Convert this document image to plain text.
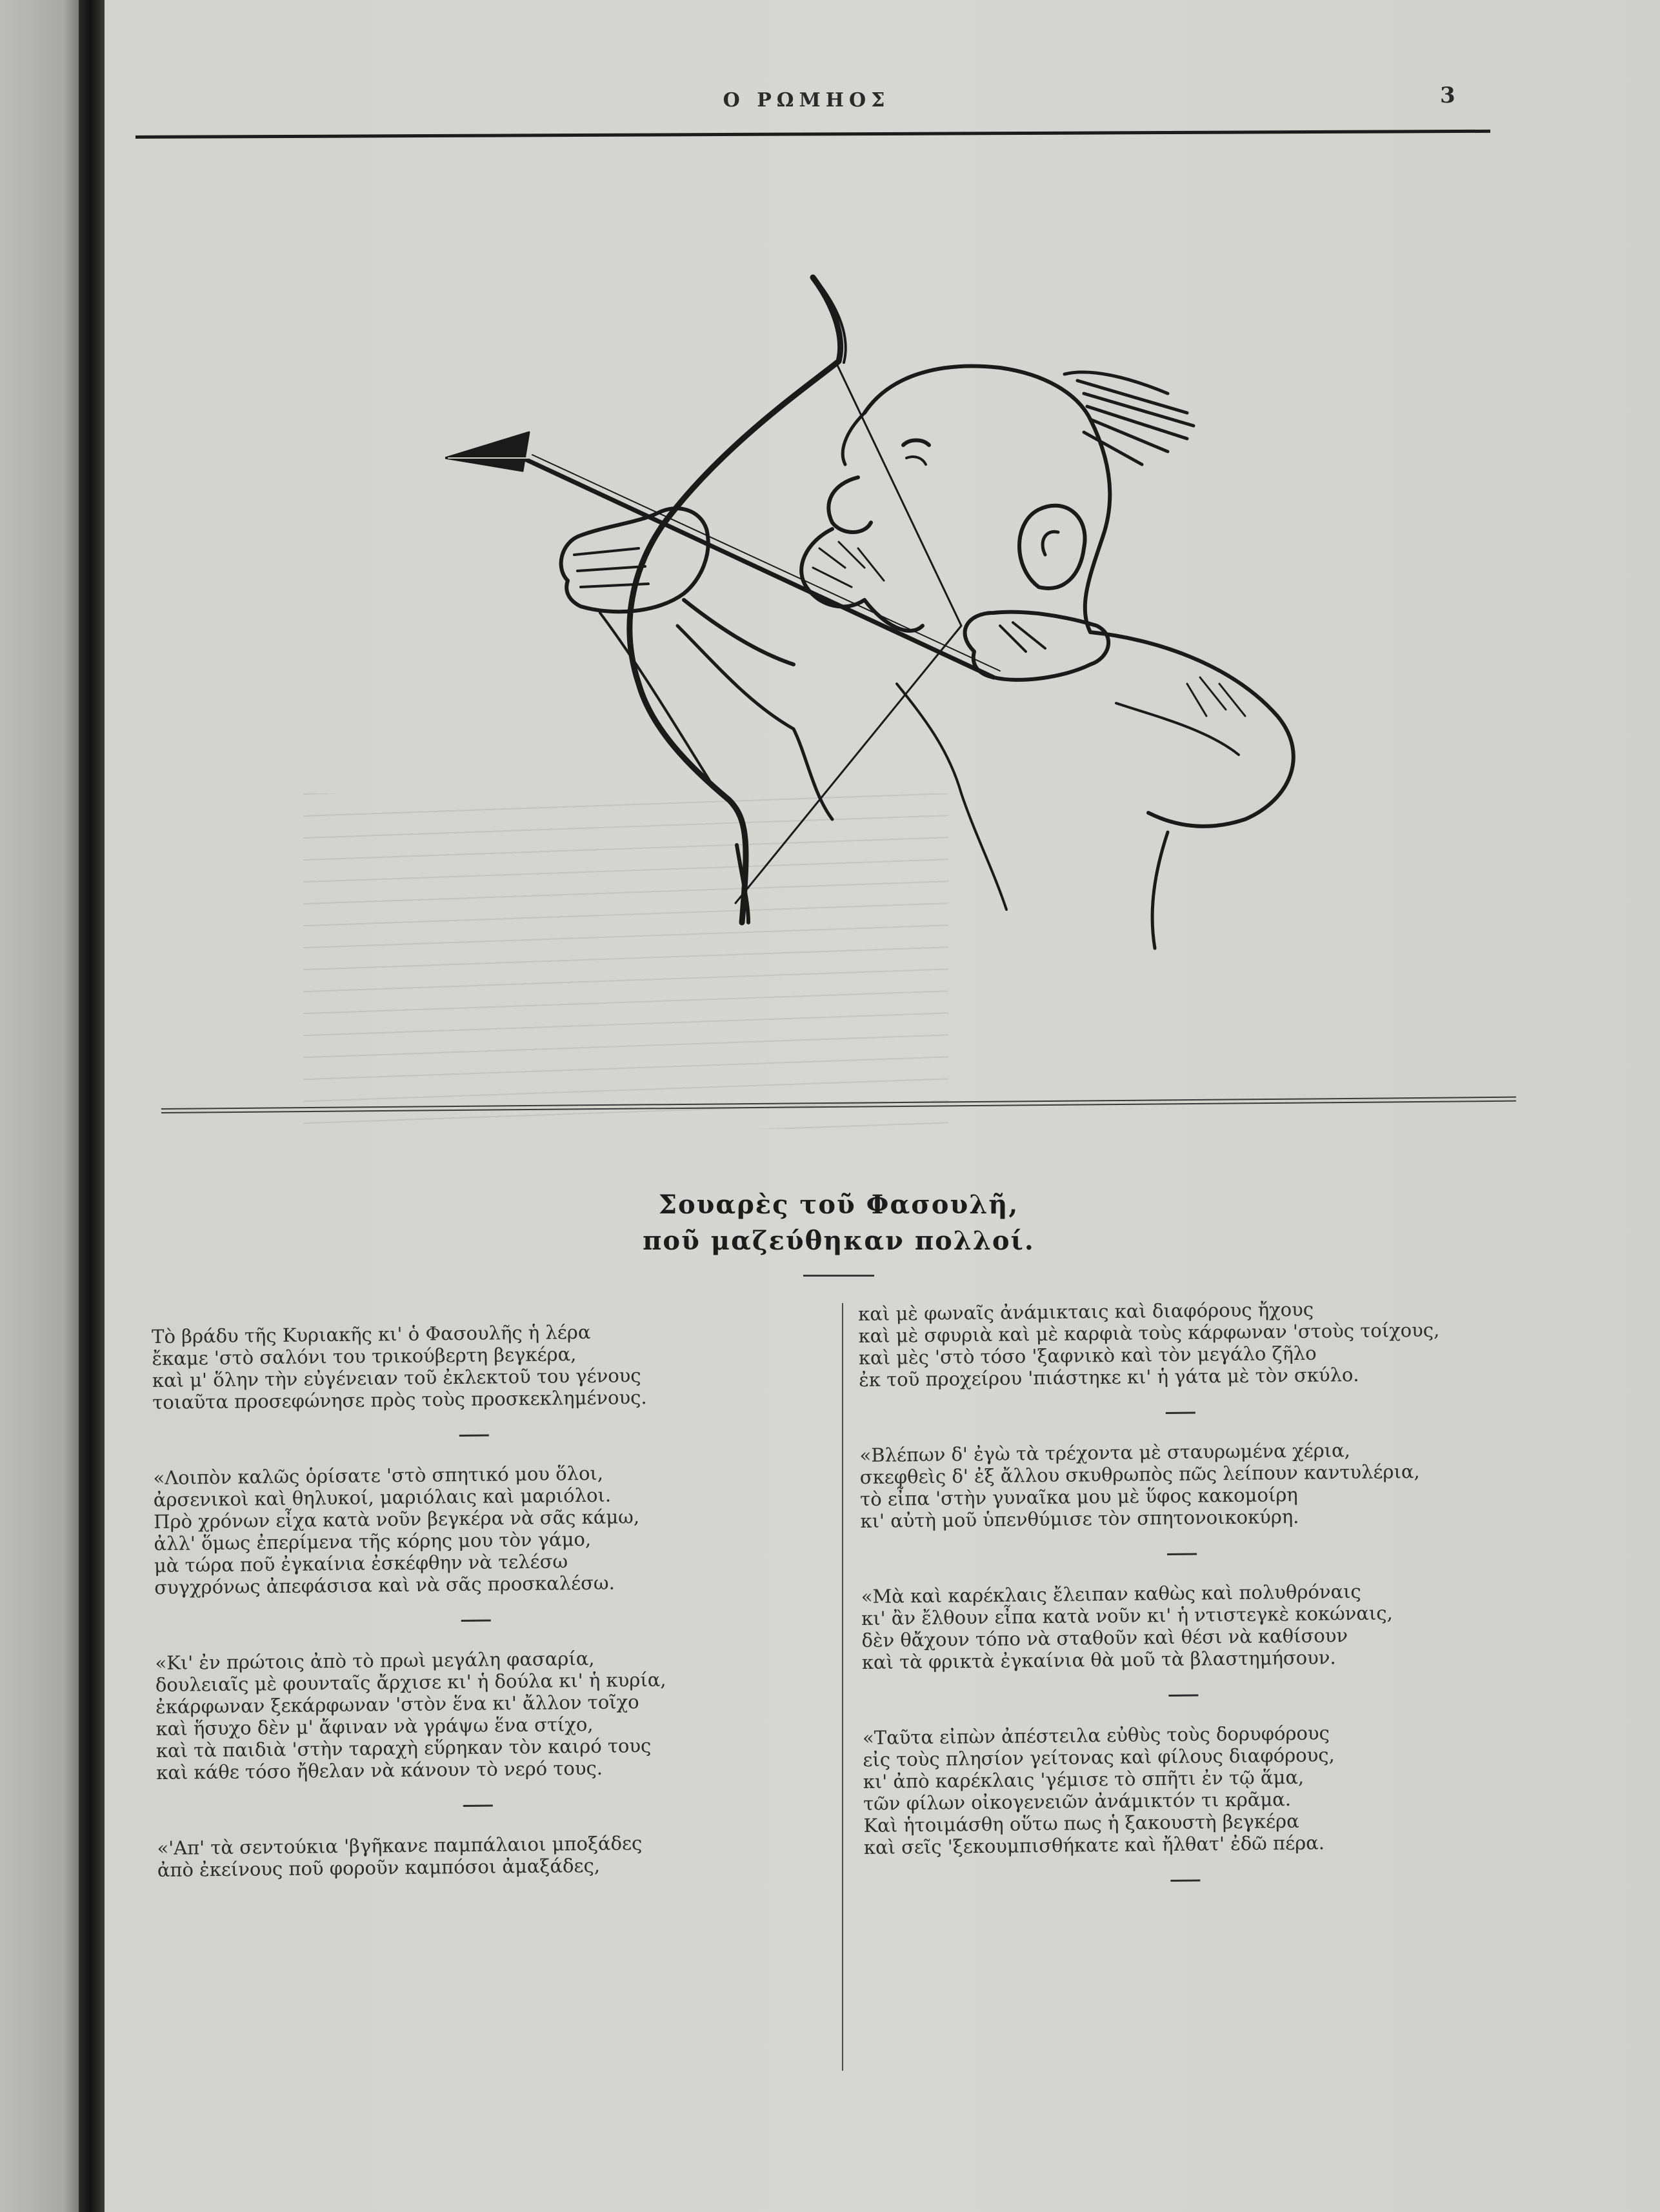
Ο ΡΩΜΗΟΣ	3
Σουαρὲς τοῦ Φασουλῆ,
ποῦ μαζεύθηκαν πολλοί.
Τὸ βράδυ τῆς Κυριακῆς κι' ὁ Φασουλῆς ἡ λέρα
ἔκαμε 'στὸ σαλόνι του τρικούβερτη βεγκέρα,
καὶ μ' ὅλην τὴν εὐγένειαν τοῦ ἐκλεκτοῦ του γένους
τοιαῦτα προσεφώνησε πρὸς τοὺς προσκεκλημένους.
«Λοιπὸν καλῶς ὁρίσατε 'στὸ σπητικό μου ὅλοι,
ἀρσενικοὶ καὶ θηλυκοί, μαριόλαις καὶ μαριόλοι.
Πρὸ χρόνων εἶχα κατὰ νοῦν βεγκέρα νὰ σᾶς κάμω,
ἀλλ' ὅμως ἐπερίμενα τῆς κόρης μου τὸν γάμο,
μὰ τώρα ποῦ ἐγκαίνια ἐσκέφθην νὰ τελέσω
συγχρόνως ἀπεφάσισα καὶ νὰ σᾶς προσκαλέσω.
«Κι' ἐν πρώτοις ἀπὸ τὸ πρωὶ μεγάλη φασαρία,
δουλειαῖς μὲ φουνταῖς ἄρχισε κι' ἡ δούλα κι' ἡ κυρία,
ἐκάρφωναν ξεκάρφωναν 'στὸν ἕνα κι' ἄλλον τοῖχο
καὶ ἥσυχο δὲν μ' ἄφιναν νὰ γράψω ἕνα στίχο,
καὶ τὰ παιδιὰ 'στὴν ταραχὴ εὕρηκαν τὸν καιρό τους
καὶ κάθε τόσο ἤθελαν νὰ κάνουν τὸ νερό τους.
«'Απ' τὰ σεντούκια 'βγῆκανε παμπάλαιοι μποξάδες
ἀπὸ ἐκείνους ποῦ φοροῦν καμπόσοι ἀμαξάδες,
καὶ μὲ φωναῖς ἀνάμικταις καὶ διαφόρους ἤχους
καὶ μὲ σφυριὰ καὶ μὲ καρφιὰ τοὺς κάρφωναν 'στοὺς τοίχους,
καὶ μὲς 'στὸ τόσο 'ξαφνικὸ καὶ τὸν μεγάλο ζῆλο
ἐκ τοῦ προχείρου 'πιάστηκε κι' ἡ γάτα μὲ τὸν σκύλο.
«Βλέπων δ' ἐγὼ τὰ τρέχοντα μὲ σταυρωμένα χέρια,
σκεφθεὶς δ' ἐξ ἄλλου σκυθρωπὸς πῶς λείπουν καντυλέρια,
τὸ εἶπα 'στὴν γυναῖκα μου μὲ ὕφος κακομοίρη
κι' αὐτὴ μοῦ ὑπενθύμισε τὸν σπητονοικοκύρη.
«Μὰ καὶ καρέκλαις ἔλειπαν καθὼς καὶ πολυθρόναις
κι' ἂν ἔλθουν εἶπα κατὰ νοῦν κι' ἡ ντιστεγκὲ κοκώναις,
δὲν θἄχουν τόπο νὰ σταθοῦν καὶ θέσι νὰ καθίσουν
καὶ τὰ φρικτὰ ἐγκαίνια θὰ μοῦ τὰ βλαστημήσουν.
«Ταῦτα εἰπὼν ἀπέστειλα εὐθὺς τοὺς δορυφόρους
εἰς τοὺς πλησίον γείτονας καὶ φίλους διαφόρους,
κι' ἀπὸ καρέκλαις 'γέμισε τὸ σπῆτι ἐν τῷ ἅμα,
τῶν φίλων οἰκογενειῶν ἀνάμικτόν τι κρᾶμα.
Καὶ ἡτοιμάσθη οὕτω πως ἡ ξακουστὴ βεγκέρα
καὶ σεῖς 'ξεκουμπισθήκατε καὶ ἤλθατ' ἐδῶ πέρα.
